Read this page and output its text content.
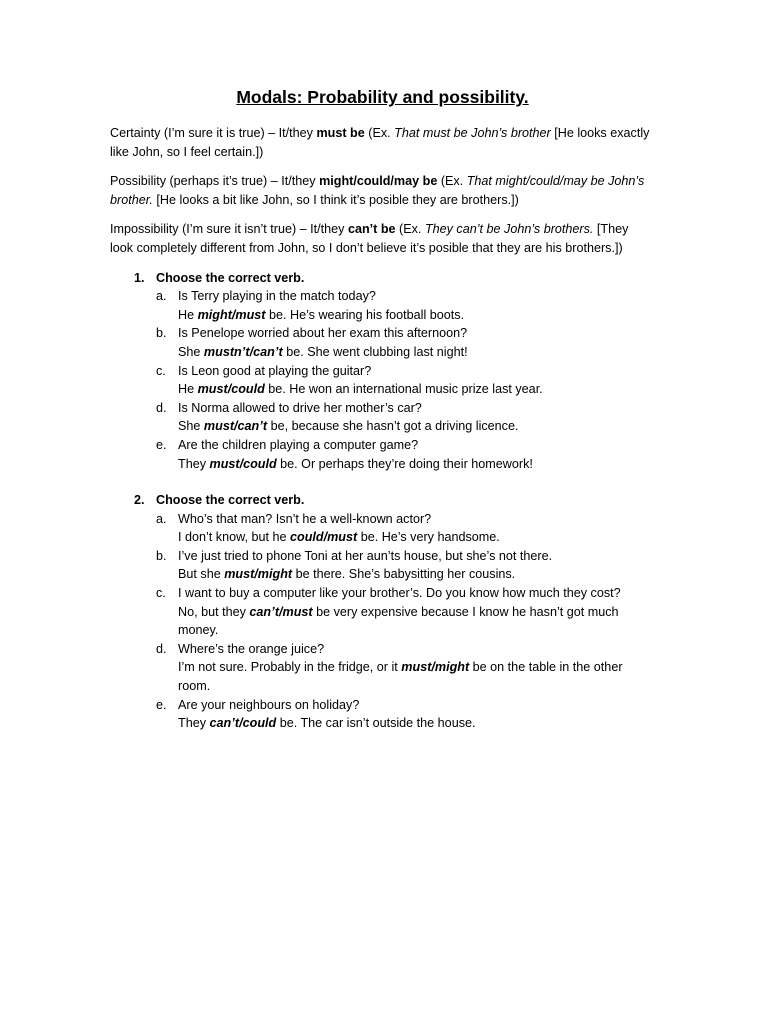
Modals: Probability and possibility.

Certainty (I’m sure it is true) – It/they must be (Ex. That must be John’s brother [He looks exactly like John, so I feel certain.])

Possibility (perhaps it’s true) – It/they might/could/may be (Ex. That might/could/may be John’s brother. [He looks a bit like John, so I think it’s posible they are brothers.])

Impossibility (I’m sure it isn’t true) – It/they can’t be (Ex. They can’t be John’s brothers. [They look completely different from John, so I don’t believe it’s posible that they are his brothers.])

1. Choose the correct verb.
a. Is Terry playing in the match today?
He might/must be. He’s wearing his football boots.
b. Is Penelope worried about her exam this afternoon?
She mustn’t/can’t be. She went clubbing last night!
c. Is Leon good at playing the guitar?
He must/could be. He won an international music prize last year.
d. Is Norma allowed to drive her mother’s car?
She must/can’t be, because she hasn’t got a driving licence.
e. Are the children playing a computer game?
They must/could be. Or perhaps they’re doing their homework!
2. Choose the correct verb.
a. Who’s that man? Isn’t he a well-known actor?
I don’t know, but he could/must be. He’s very handsome.
b. I’ve just tried to phone Toni at her aun’ts house, but she’s not there.
But she must/might be there. She’s babysitting her cousins.
c. I want to buy a computer like your brother’s. Do you know how much they cost?
No, but they can’t/must be very expensive because I know he hasn’t got much money.
d. Where’s the orange juice?
I’m not sure. Probably in the fridge, or it must/might be on the table in the other room.
e. Are your neighbours on holiday?
They can’t/could be. The car isn’t outside the house.
